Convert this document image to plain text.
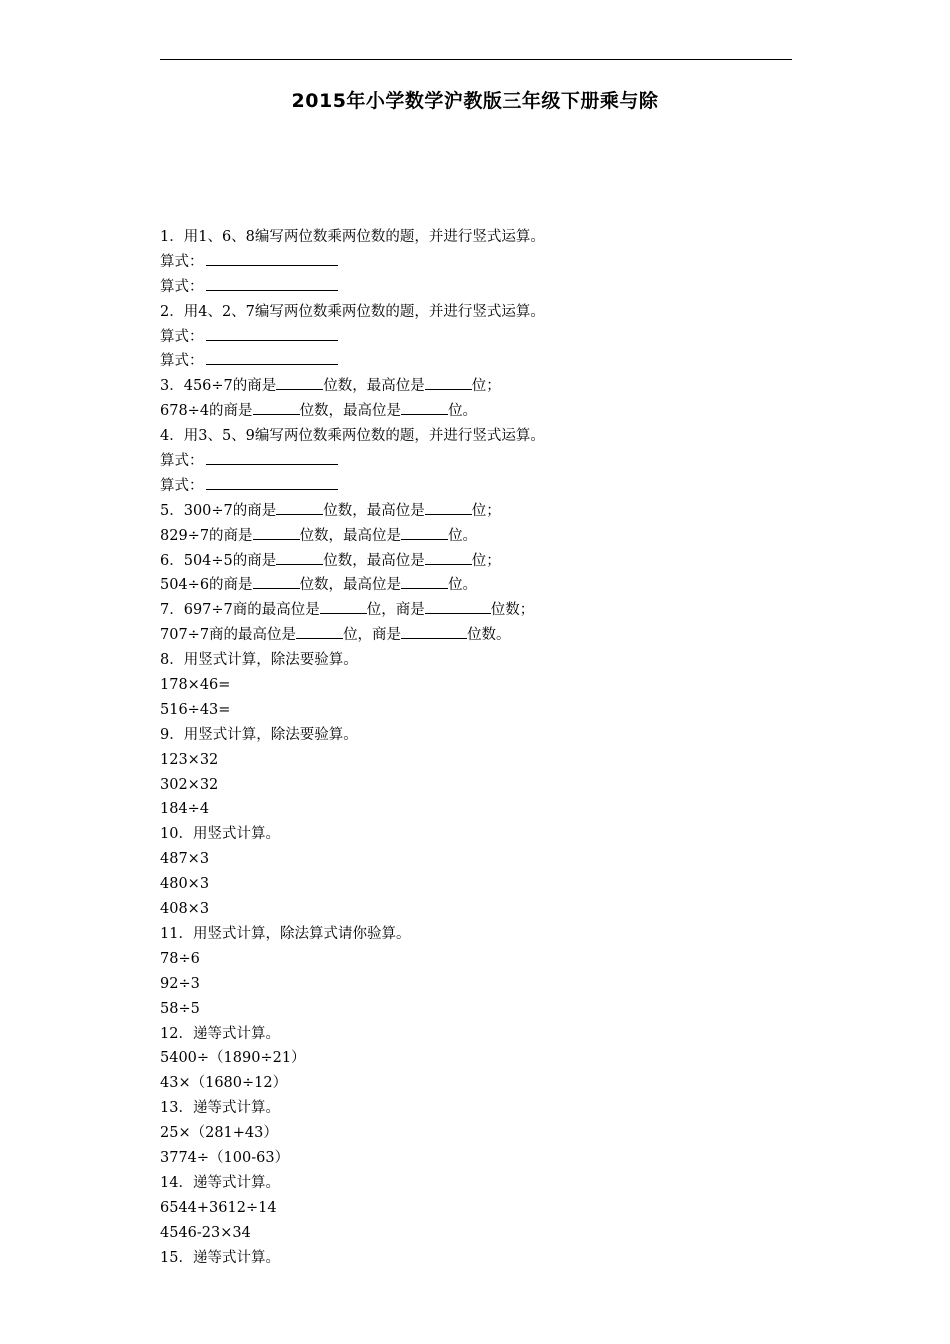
2015年小学数学沪教版三年级下册乘与除
1．用1、6、8编写两位数乘两位数的题，并进行竖式运算。
算式：
算式：
2．用4、2、7编写两位数乘两位数的题，并进行竖式运算。
算式：
算式：
3．456÷7的商是	位数，最高位是	位；
678÷4的商是	位数，最高位是	位。
4．用3、5、9编写两位数乘两位数的题，并进行竖式运算。
算式：
算式：
5．300÷7的商是	位数，最高位是	位；
829÷7的商是	位数，最高位是	位。
6．504÷5的商是	位数，最高位是	位；
504÷6的商是	位数，最高位是	位。
7．697÷7商的最高位是	位，商是	位数；
707÷7商的最高位是	位，商是	位数。
8．用竖式计算，除法要验算。
178×46=
516÷43=
9．用竖式计算，除法要验算。
123×32
302×32
184÷4
10．用竖式计算。
487×3
480×3
408×3
11．用竖式计算，除法算式请你验算。
78÷6
92÷3
58÷5
12．递等式计算。
5400÷（1890÷21）
43×（1680÷12）
13．递等式计算。
25×（281+43）
3774÷（100-63）
14．递等式计算。
6544+3612÷14
4546-23×34
15．递等式计算。
